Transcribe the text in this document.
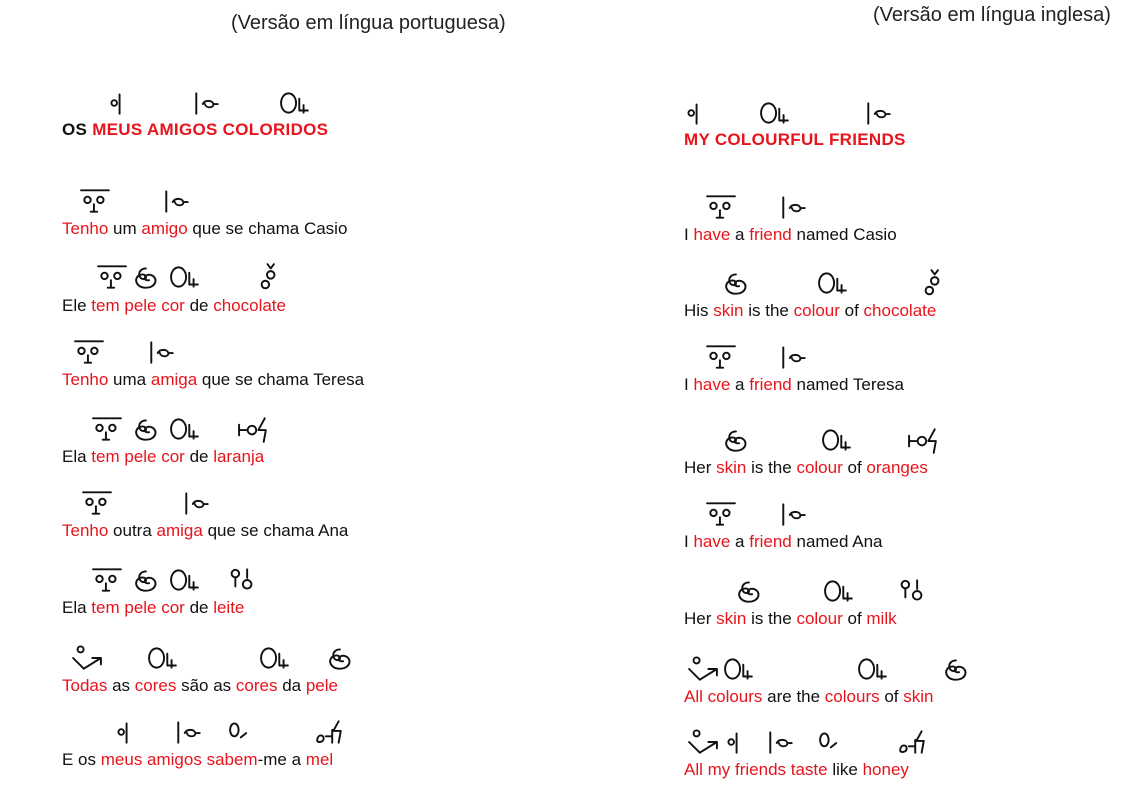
(Versão em língua portuguesa)	(Versão em língua inglesa)
OS MEUS AMIGOS COLORIDOS
Tenho um amigo que se chama Casio
Ele tem pele cor de chocolate
Tenho uma amiga que se chama Teresa
Ela tem pele cor de laranja
Tenho outra amiga que se chama Ana
Ela tem pele cor de leite
Todas as cores são as cores da pele
E os meus amigos sabem-me a mel
MY COLOURFUL FRIENDS
I have a friend named Casio
His skin is the colour of chocolate
I have a friend named Teresa
Her skin is the colour of oranges
I have a friend named Ana
Her skin is the colour of milk
All colours are the colours of skin
All my friends taste like honey
